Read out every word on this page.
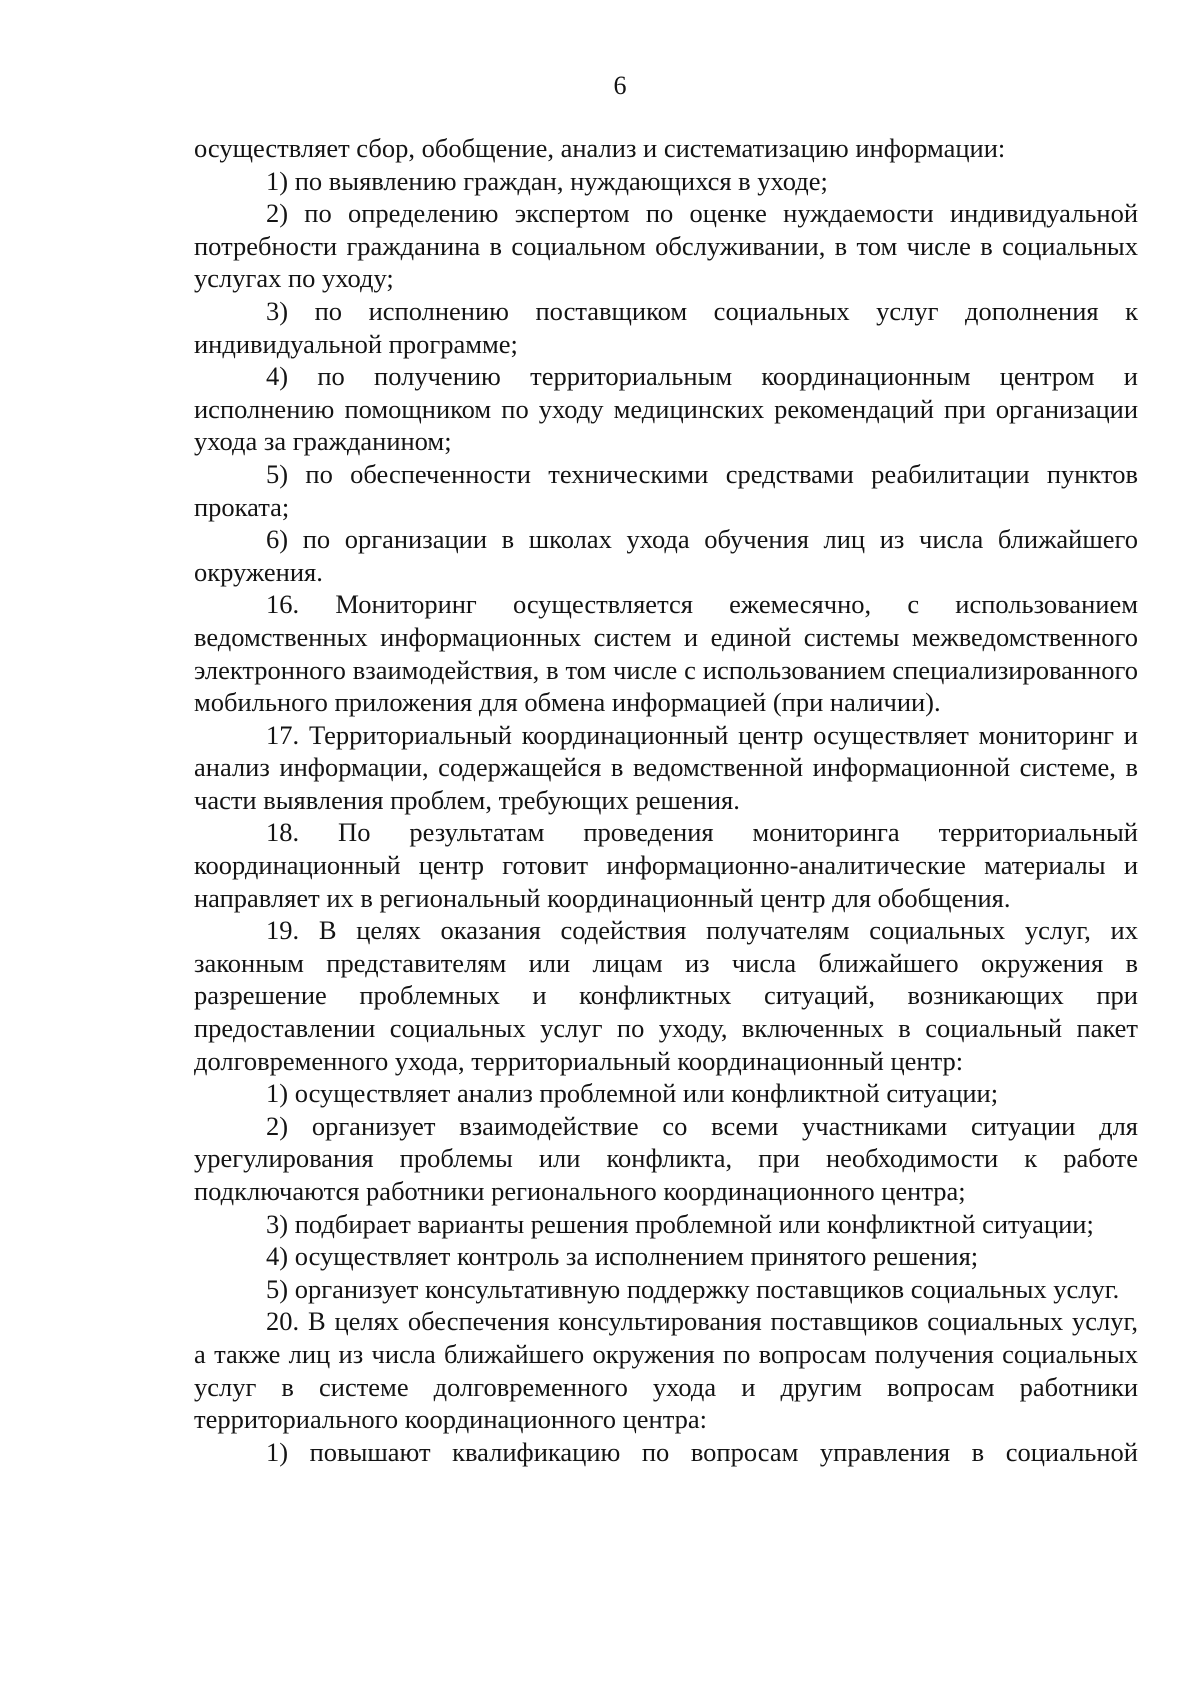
6

осуществляет сбор, обобщение, анализ и систематизацию информации:

1) по выявлению граждан, нуждающихся в уходе;

2) по определению экспертом по оценке нуждаемости индивидуальной потребности гражданина в социальном обслуживании, в том числе в социальных услугах по уходу;

3) по исполнению поставщиком социальных услуг дополнения к индивидуальной программе;

4) по получению территориальным координационным центром и исполнению помощником по уходу медицинских рекомендаций при организации ухода за гражданином;

5) по обеспеченности техническими средствами реабилитации пунктов проката;

6) по организации в школах ухода обучения лиц из числа ближайшего окружения.

16. Мониторинг осуществляется ежемесячно, с использованием ведомственных информационных систем и единой системы межведомственного электронного взаимодействия, в том числе с использованием специализированного мобильного приложения для обмена информацией (при наличии).

17. Территориальный координационный центр осуществляет мониторинг и анализ информации, содержащейся в ведомственной информационной системе, в части выявления проблем, требующих решения.

18. По результатам проведения мониторинга территориальный координационный центр готовит информационно-аналитические материалы и направляет их в региональный координационный центр для обобщения.

19. В целях оказания содействия получателям социальных услуг, их законным представителям или лицам из числа ближайшего окружения в разрешение проблемных и конфликтных ситуаций, возникающих при предоставлении социальных услуг по уходу, включенных в социальный пакет долговременного ухода, территориальный координационный центр:

1) осуществляет анализ проблемной или конфликтной ситуации;

2) организует взаимодействие со всеми участниками ситуации для урегулирования проблемы или конфликта, при необходимости к работе подключаются работники регионального координационного центра;

3) подбирает варианты решения проблемной или конфликтной ситуации;

4) осуществляет контроль за исполнением принятого решения;

5) организует консультативную поддержку поставщиков социальных услуг.

20. В целях обеспечения консультирования поставщиков социальных услуг, а также лиц из числа ближайшего окружения по вопросам получения социальных услуг в системе долговременного ухода и другим вопросам работники территориального координационного центра:

1) повышают квалификацию по вопросам управления в социальной
